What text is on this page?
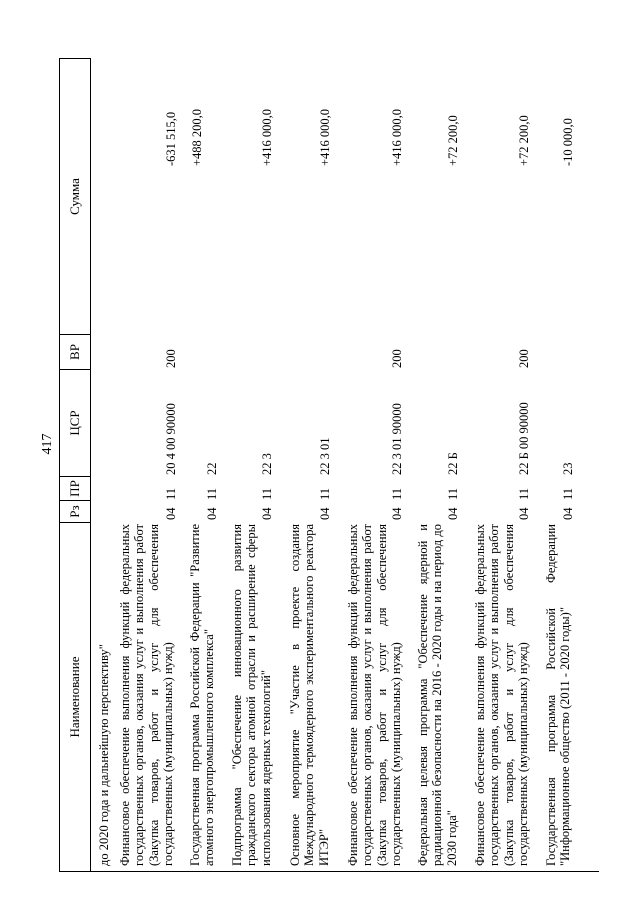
417
Наименование
Рз
ПР
ЦСР
ВР
Сумма
до 2020 года и дальнейшую перспективу" Финансовое обеспечение выполнения функций федеральных государственных органов, оказания услуг и выполнения работ (Закупка товаров, работ и услуг для обеспечения государственных (муниципальных) нужд)
04
11
20 4 00 90000
200
-631 515,0
Государственная программа Российской Федерации "Развитие атомного энергопромышленного комплекса"
04
11
22
+488 200,0
Подпрограмма "Обеспечение инновационного развития гражданского сектора атомной отрасли и расширение сферы использования ядерных технологий"
04
11
22 3
+416 000,0
Основное мероприятие "Участие в проекте создания Международного термоядерного экспериментального реактора ИТЭР"
04
11
22 3 01
+416 000,0
Финансовое обеспечение выполнения функций федеральных государственных органов, оказания услуг и выполнения работ (Закупка товаров, работ и услуг для обеспечения государственных (муниципальных) нужд)
04
11
22 3 01 90000
200
+416 000,0
Федеральная целевая программа "Обеспечение ядерной и радиационной безопасности на 2016 - 2020 годы и на период до 2030 года"
04
11
22 Б
+72 200,0
Финансовое обеспечение выполнения функций федеральных государственных органов, оказания услуг и выполнения работ (Закупка товаров, работ и услуг для обеспечения государственных (муниципальных) нужд)
04
11
22 Б 00 90000
200
+72 200,0
Государственная программа Российской Федерации "Информационное общество (2011 - 2020 годы)"
04
11
23
-10 000,0
